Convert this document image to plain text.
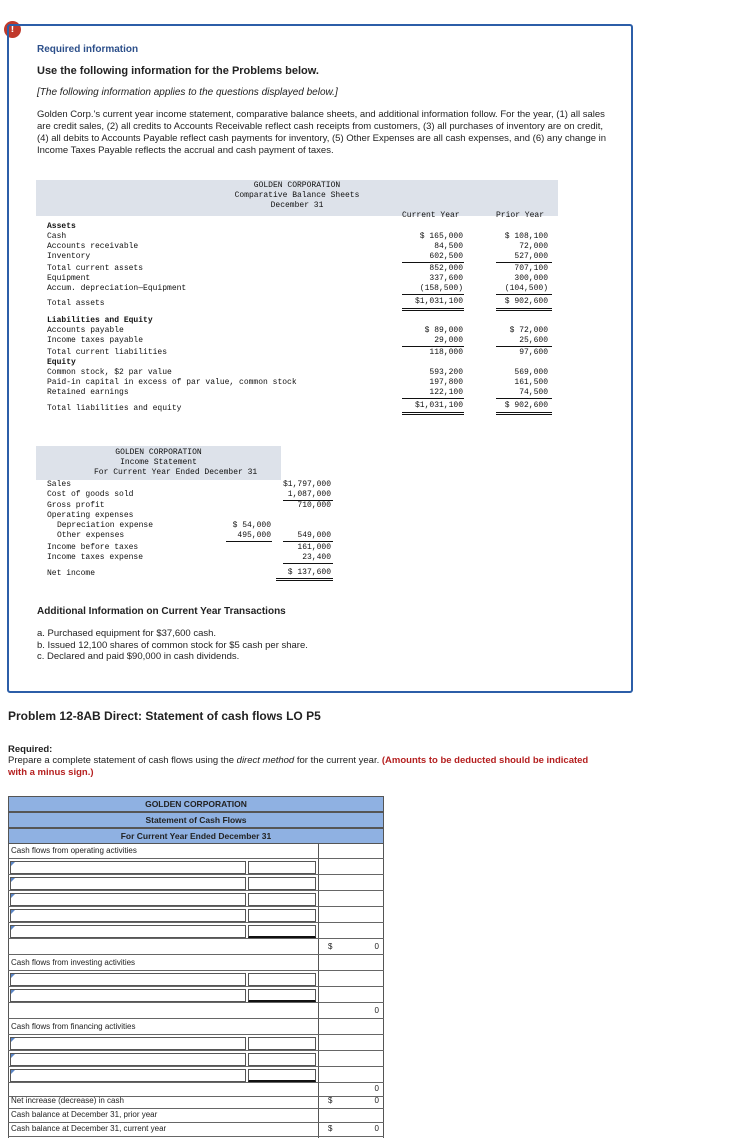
!
Required information
Use the following information for the Problems below.
[The following information applies to the questions displayed below.]
Golden Corp.'s current year income statement, comparative balance sheets, and additional information follow. For the year, (1) all sales are credit sales, (2) all credits to Accounts Receivable reflect cash receipts from customers, (3) all purchases of inventory are on credit, (4) all debits to Accounts Payable reflect cash payments for inventory, (5) Other Expenses are all cash expenses, and (6) any change in Income Taxes Payable reflects the accrual and cash payment of taxes.
GOLDEN CORPORATION
Comparative Balance Sheets
December 31
Current Year	Prior Year
Assets
Cash	$ 165,000	$ 108,100
Accounts receivable	84,500	72,000
Inventory	602,500	527,000
Total current assets	852,000	707,100
Equipment	337,600	300,000
Accum. depreciation—Equipment	(158,500)	(104,500)
Total assets	$1,031,100	$ 902,600
Liabilities and Equity
Accounts payable	$ 89,000	$ 72,000
Income taxes payable	29,000	25,600
Total current liabilities	118,000	97,600
Equity
Common stock, $2 par value	593,200	569,000
Paid-in capital in excess of par value, common stock	197,800	161,500
Retained earnings	122,100	74,500
Total liabilities and equity	$1,031,100	$ 902,600
GOLDEN CORPORATION
Income Statement
For Current Year Ended December 31
Sales	$1,797,000
Cost of goods sold	1,087,000
Gross profit	710,000
Operating expenses
Depreciation expense	$ 54,000
Other expenses	495,000	549,000
Income before taxes	161,000
Income taxes expense	23,400
Net income	$ 137,600
Additional Information on Current Year Transactions
a. Purchased equipment for $37,600 cash.
b. Issued 12,100 shares of common stock for $5 cash per share.
c. Declared and paid $90,000 in cash dividends.
Problem 12-8AB Direct: Statement of cash flows LO P5
Required:
Prepare a complete statement of cash flows using the direct method for the current year. (Amounts to be deducted should be indicated with a minus sign.)
GOLDEN CORPORATION
Statement of Cash Flows
For Current Year Ended December 31
Cash flows from operating activities
$	0
Cash flows from investing activities
0
Cash flows from financing activities
0
Net increase (decrease) in cash	$	0
Cash balance at December 31, prior year
Cash balance at December 31, current year	$	0
